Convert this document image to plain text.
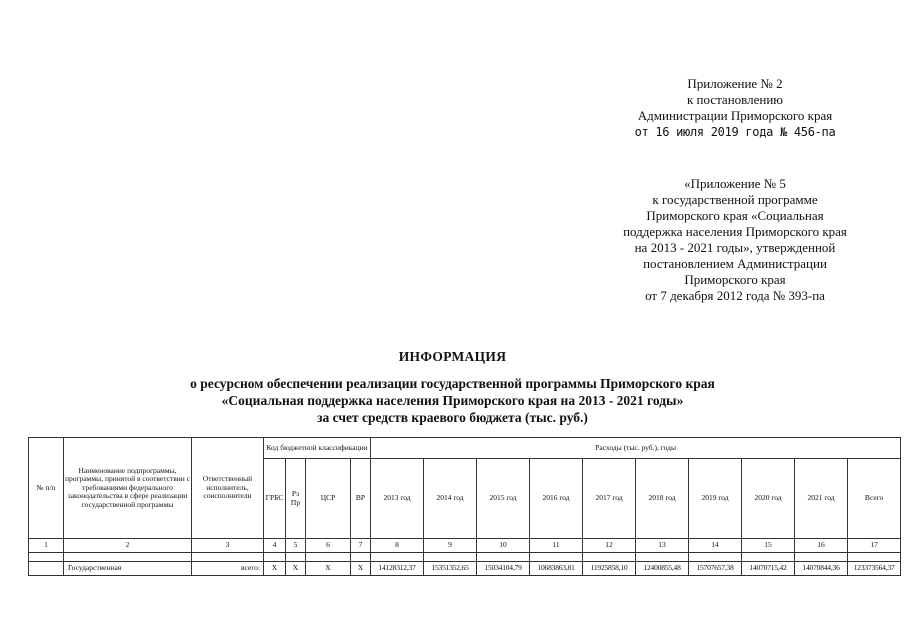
Приложение № 2
к постановлению
Администрации Приморского края
от 16 июля 2019 года № 456-па
«Приложение № 5
к государственной программе
Приморского края «Социальная
поддержка населения Приморского края
на 2013 - 2021 годы», утвержденной
постановлением Администрации
Приморского края
от 7 декабря 2012 года № 393-па
ИНФОРМАЦИЯ
о ресурсном обеспечении реализации государственной программы Приморского края
«Социальная поддержка населения Приморского края на 2013 - 2021 годы»
за счет средств краевого бюджета (тыс. руб.)
№ п/п	Наименование подпрограммы, программы, принятой в соответствии с требованиями федерального законодательства в сфере реализации государственной программы	Ответственный исполнитель, соисполнители	Код бюджетной классификации				Расходы (тыс. руб.), годы									
			ГРБС	Рз Пр	ЦСР	ВР	2013 год	2014 год	2015 год	2016 год	2017 год	2018 год	2019 год	2020 год	2021 год	Всего
1	2	3	4	5	6	7	8	9	10	11	12	13	14	15	16	17

	Государственная	всего:	Х	Х	Х	Х	14128312,37	15351352,65	15034104,79	10683863,81	11925858,10	12400855,48	15707657,38	14070715,42	14070844,36	123373564,37
